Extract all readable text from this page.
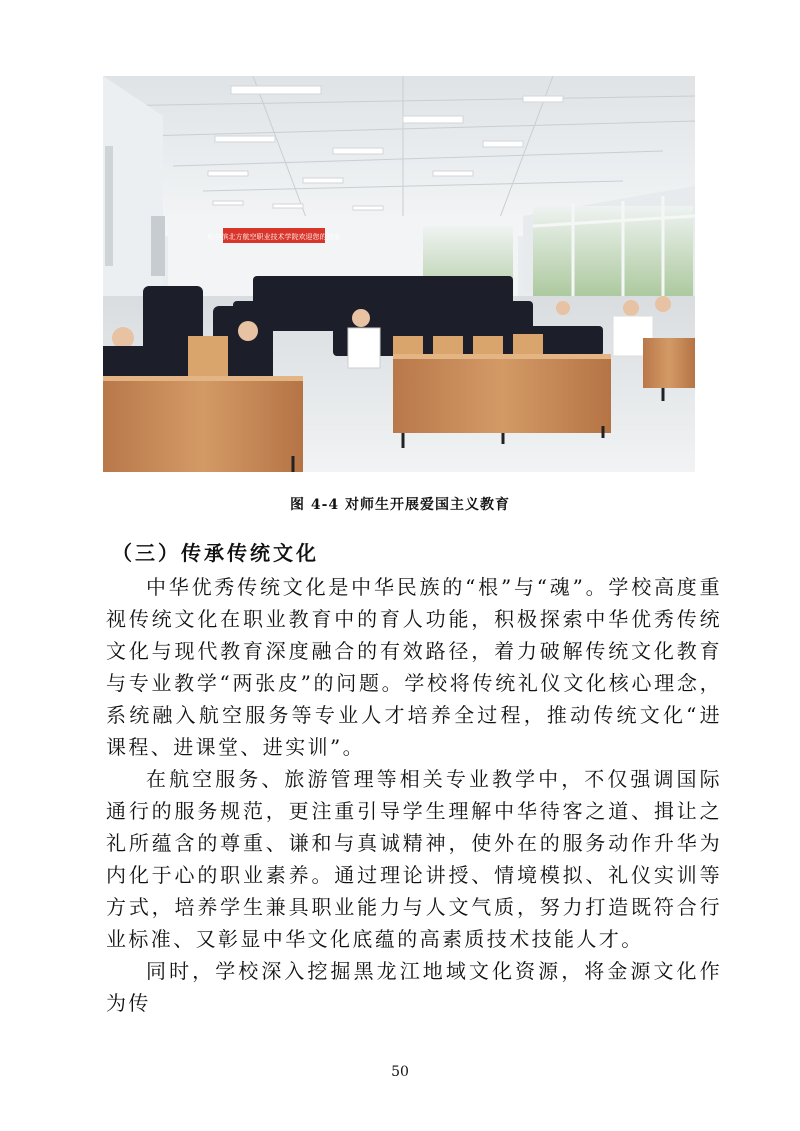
哈尔滨北方航空职业技术学院欢迎您的到来
图 4-4 对师生开展爱国主义教育
（三）传承传统文化

中华优秀传统文化是中华民族的“根”与“魂”。学校高度重视传统文化在职业教育中的育人功能，积极探索中华优秀传统文化与现代教育深度融合的有效路径，着力破解传统文化教育与专业教学“两张皮”的问题。学校将传统礼仪文化核心理念，系统融入航空服务等专业人才培养全过程，推动传统文化“进课程、进课堂、进实训”。

在航空服务、旅游管理等相关专业教学中，不仅强调国际通行的服务规范，更注重引导学生理解中华待客之道、揖让之礼所蕴含的尊重、谦和与真诚精神，使外在的服务动作升华为内化于心的职业素养。通过理论讲授、情境模拟、礼仪实训等方式，培养学生兼具职业能力与人文气质，努力打造既符合行业标准、又彰显中华文化底蕴的高素质技术技能人才。

同时，学校深入挖掘黑龙江地域文化资源，将金源文化作为传

50
